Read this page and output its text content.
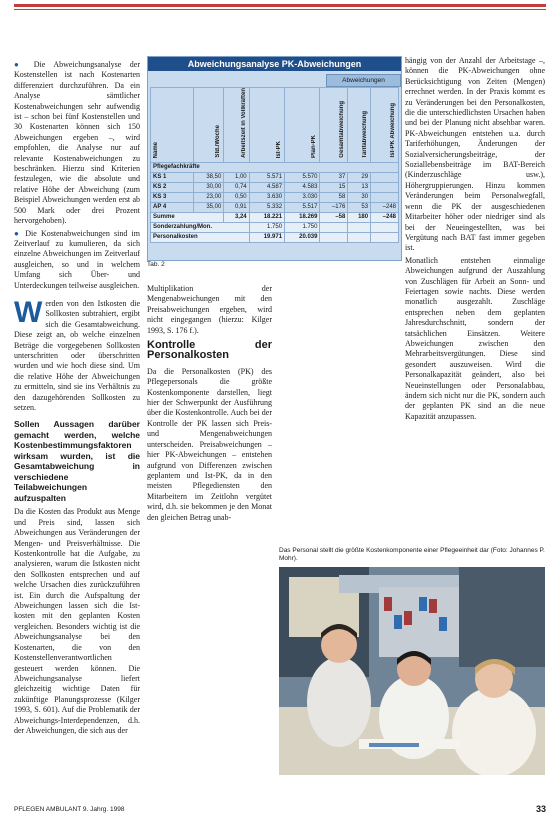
● Die Abweichungsanalyse der Kostenstellen ist nach Kostenarten differenziert durchzuführen. Da ein Analyse sämtlicher Kostenabweichungen sehr aufwendig ist – schon bei fünf Kostenstellen und 30 Kostenarten können sich 150 Abweichungen ergeben –, wird empfohlen, die Analyse nur auf relevante Kostenabweichungen zu beschränken. Hierzu sind Kriterien festzulegen, wie die absolute und relative Höhe der Abweichung (zum Beispiel Abweichungen werden erst ab 500 Mark oder drei Prozent hervorgehoben).

● Die Kostenabweichungen sind im Zeitverlauf zu kumulieren, da sich einzelne Abweichungen im Zeitverlauf ausgleichen, so und in welchem Umfang sich Über- und Unterdeckungen teilweise ausgleichen.

W erden von den Istkosten die Sollkosten subtrahiert, ergibt sich die Gesamtabweichung. Diese zeigt an, ob welche einzelnen Beträge die vorgegebenen Sollkosten unterschritten oder überschritten wurden und wie hoch diese sind. Um die relative Höhe der Abweichungen zu ermitteln, sind sie ins Verhältnis zu den dazugehörenden Sollkosten zu setzen.

Sollen Aussagen darüber gemacht werden, welche Kostenbestimmungsfaktoren wirksam wurden, ist die Gesamtabweichung in verschiedene Teilabweichungen aufzuspalten

Da die Kosten das Produkt aus Menge und Preis sind, lassen sich Abweichungen aus Veränderungen der Mengen- und Preisverhältnisse. Die Kostenkontrolle hat die Aufgabe, zu analysieren, warum die Istkosten nicht den Sollkosten entsprechen und auf welche Ursachen dies zurückzuführen ist. Ein durch die Aufspaltung der Abweichungen lassen sich die Ist-kosten mit den geplanten Kosten vergleichen. Besonders wichtig ist die Abweichungsanalyse bei den Kostenarten, die von den Kostenstellenverantwortlichen gesteuert werden können. Die Abweichungsanalyse liefert gleichzeitig wichtige Daten für zukünftige Planungsprozesse (Kilger 1993, S. 601). Auf die Problematik der Abweichungs-Interdependenzen, d.h. der Abweichungen, die sich aus der

Abweichungsanalyse PK-Abweichungen
Abweichungen
Name	Std./Woche	Arbeitszeit in Vollkräften	Ist-PK	Plan-PK	Gesamtabweichung	Tarifabweichung	Ist-PK Abweichung
Pflegefachkräfte							
KS 1	38,50	1,00	5.571	5.570	37	29	
KS 2	30,00	0,74	4.587	4.583	15	13	
KS 3	23,00	0,50	3.630	3.030	58	30	
AP 4	35,00	0,91	5.332	5.517	–176	53	–248
Summe		3,24	18.221	18.269	–58	180	–248
Sonderzahlung/Mon.			1.750	1.750			
Personalkosten			19.971	20.039			
Tab. 2

Multiplikation der Mengenabweichungen mit den Preisabweichungen ergeben, wird nicht eingegangen (hierzu: Kilger 1993, S. 176 f.).

Kontrolle der Personalkosten

Da die Personalkosten (PK) des Pflegepersonals die größte Kostenkomponente darstellen, liegt hier der Schwerpunkt der Ausführung über die Kostenkontrolle. Auch bei der Kontrolle der PK lassen sich Preis- und Mengenabweichungen unterscheiden. Preisabweichungen – hier PK-Abweichungen – entstehen aufgrund von Differenzen zwischen geplantem und Ist-PK, da in den meisten Pflegediensten den Mitarbeitern im Zeitlohn vergütet wird, d.h. sie bekommen je den Monat den gleichen Betrag unab-

hängig von der Anzahl der Arbeitstage –, können die PK-Abweichungen ohne Berücksichtigung von Zeiten (Mengen) errechnet werden. In der Praxis kommt es zu Veränderungen bei den Personalkosten, die die unterschiedlichsten Ursachen haben und bei der Planung nicht absehbar waren. PK-Abweichungen entstehen u.a. durch Tariferhöhungen, Änderungen der Sozialversicherungsbeiträge, der Soziallebensbeiträge im BAT-Bereich (Kinderzuschläge usw.), Höhergruppierungen. Hinzu kommen Veränderungen beim Personalwegfall, wenn die PK der ausgeschiedenen Mitarbeiter höher oder niedriger sind als bei der Neueingestellten, was bei Vergütung nach BAT fast immer gegeben ist.

Monatlich entstehen einmalige Abweichungen aufgrund der Auszahlung von Zuschlägen für Arbeit an Sonn- und Feiertagen sowie nachts. Diese werden monatlich ausgezahlt. Zuschläge entsprechen neben dem geplanten Jahresdurchschnitt, sondern der tatsächlichen Einsätzen. Weitere Abweichungen zwischen den Mehrarbeitsvergütungen. Diese sind gesondert auszuweisen. Wird die Personalkapazität geändert, also bei Neueinstellungen oder Personalabbau, ändern sich nicht nur die PK, sondern auch der geplanten PK sind an die neue Kapazität anzupassen.

Das Personal stellt die größte Kostenkomponente einer Pflegeeinheit dar (Foto: Johannes P. Mohr).
PFLEGEN AMBULANT 9. Jahrg. 1998	33
